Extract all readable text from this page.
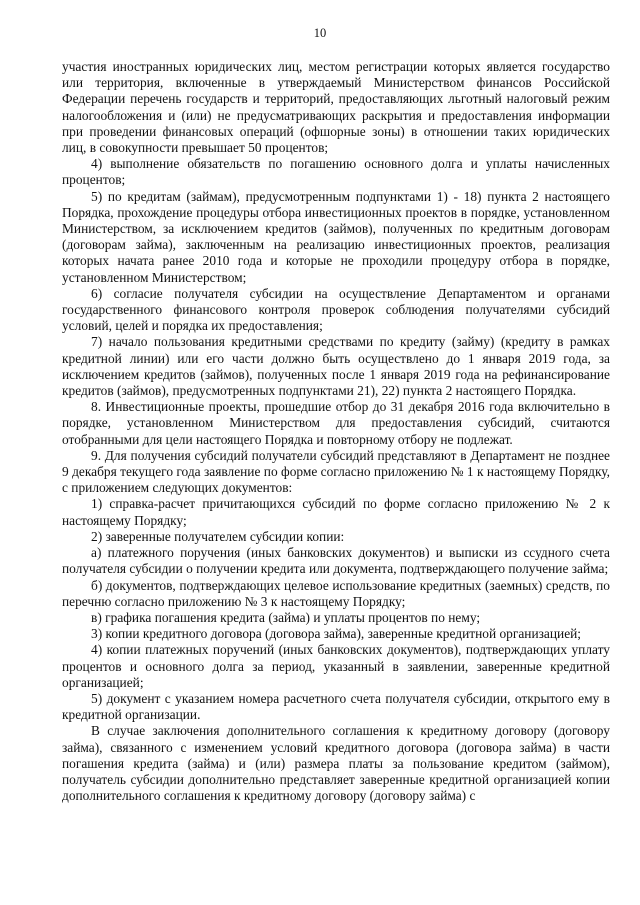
10

участия иностранных юридических лиц, местом регистрации которых является государство или территория, включенные в утверждаемый Министерством финансов Российской Федерации перечень государств и территорий, предоставляющих льготный налоговый режим налогообложения и (или) не предусматривающих раскрытия и предоставления информации при проведении финансовых операций (офшорные зоны) в отношении таких юридических лиц, в совокупности превышает 50 процентов;

4) выполнение обязательств по погашению основного долга и уплаты начисленных процентов;

5) по кредитам (займам), предусмотренным подпунктами 1) - 18) пункта 2 настоящего Порядка, прохождение процедуры отбора инвестиционных проектов в порядке, установленном Министерством, за исключением кредитов (займов), полученных по кредитным договорам (договорам займа), заключенным на реализацию инвестиционных проектов, реализация которых начата ранее 2010 года и которые не проходили процедуру отбора в порядке, установленном Министерством;

6) согласие получателя субсидии на осуществление Департаментом и органами государственного финансового контроля проверок соблюдения получателями субсидий условий, целей и порядка их предоставления;

7) начало пользования кредитными средствами по кредиту (займу) (кредиту в рамках кредитной линии) или его части должно быть осуществлено до 1 января 2019 года, за исключением кредитов (займов), полученных после 1 января 2019 года на рефинансирование кредитов (займов), предусмотренных подпунктами 21), 22) пункта 2 настоящего Порядка.

8. Инвестиционные проекты, прошедшие отбор до 31 декабря 2016 года включительно в порядке, установленном Министерством для предоставления субсидий, считаются отобранными для цели настоящего Порядка и повторному отбору не подлежат.

9. Для получения субсидий получатели субсидий представляют в Департамент не позднее 9 декабря текущего года заявление по форме согласно приложению № 1 к настоящему Порядку, с приложением следующих документов:

1) справка-расчет причитающихся субсидий по форме согласно приложению № 2 к настоящему Порядку;

2) заверенные получателем субсидии копии:

а) платежного поручения (иных банковских документов) и выписки из ссудного счета получателя субсидии о получении кредита или документа, подтверждающего получение займа;

б) документов, подтверждающих целевое использование кредитных (заемных) средств, по перечню согласно приложению № 3 к настоящему Порядку;

в) графика погашения кредита (займа) и уплаты процентов по нему;

3) копии кредитного договора (договора займа), заверенные кредитной организацией;

4) копии платежных поручений (иных банковских документов), подтверждающих уплату процентов и основного долга за период, указанный в заявлении, заверенные кредитной организацией;

5) документ с указанием номера расчетного счета получателя субсидии, открытого ему в кредитной организации.

В случае заключения дополнительного соглашения к кредитному договору (договору займа), связанного с изменением условий кредитного договора (договора займа) в части погашения кредита (займа) и (или) размера платы за пользование кредитом (займом), получатель субсидии дополнительно представляет заверенные кредитной организацией копии дополнительного соглашения к кредитному договору (договору займа) с
